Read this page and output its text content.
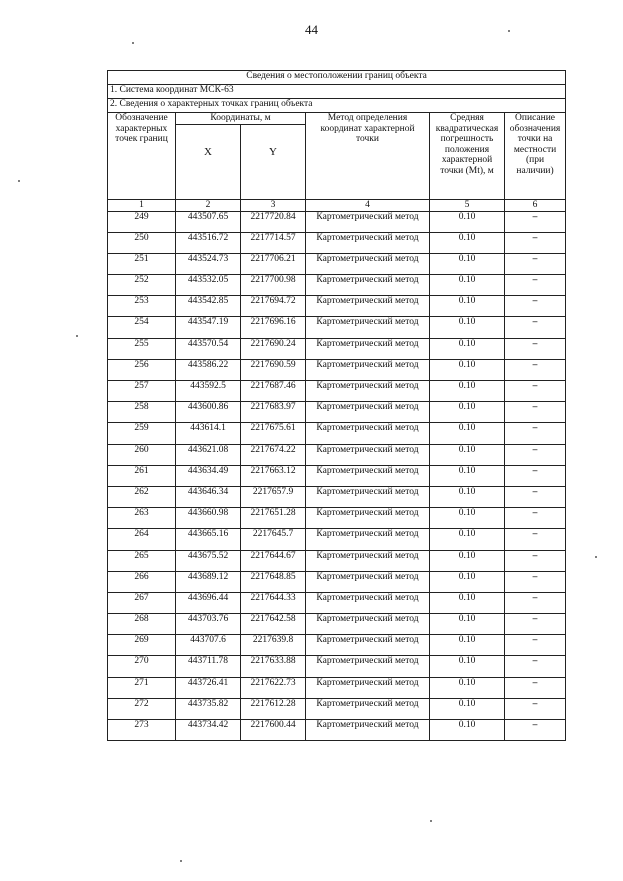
44
Сведения о местоположении границ объекта					
1. Система координат МСК-63					
2. Сведения о характерных точках границ объекта					
Обозначение характерных точек границ	Координаты, м		Метод определения координат характерной точки	Средняя квадратическая погрешность положения характерной точки (Mt), м	Описание обозначения точки на местности (при наличии)
	X	Y			
1	2	3	4	5	6
249	443507.65	2217720.84	Картометрический метод	0.10	–
250	443516.72	2217714.57	Картометрический метод	0.10	–
251	443524.73	2217706.21	Картометрический метод	0.10	–
252	443532.05	2217700.98	Картометрический метод	0.10	–
253	443542.85	2217694.72	Картометрический метод	0.10	–
254	443547.19	2217696.16	Картометрический метод	0.10	–
255	443570.54	2217690.24	Картометрический метод	0.10	–
256	443586.22	2217690.59	Картометрический метод	0.10	–
257	443592.5	2217687.46	Картометрический метод	0.10	–
258	443600.86	2217683.97	Картометрический метод	0.10	–
259	443614.1	2217675.61	Картометрический метод	0.10	–
260	443621.08	2217674.22	Картометрический метод	0.10	–
261	443634.49	2217663.12	Картометрический метод	0.10	–
262	443646.34	2217657.9	Картометрический метод	0.10	–
263	443660.98	2217651.28	Картометрический метод	0.10	–
264	443665.16	2217645.7	Картометрический метод	0.10	–
265	443675.52	2217644.67	Картометрический метод	0.10	–
266	443689.12	2217648.85	Картометрический метод	0.10	–
267	443696.44	2217644.33	Картометрический метод	0.10	–
268	443703.76	2217642.58	Картометрический метод	0.10	–
269	443707.6	2217639.8	Картометрический метод	0.10	–
270	443711.78	2217633.88	Картометрический метод	0.10	–
271	443726.41	2217622.73	Картометрический метод	0.10	–
272	443735.82	2217612.28	Картометрический метод	0.10	–
273	443734.42	2217600.44	Картометрический метод	0.10	–
